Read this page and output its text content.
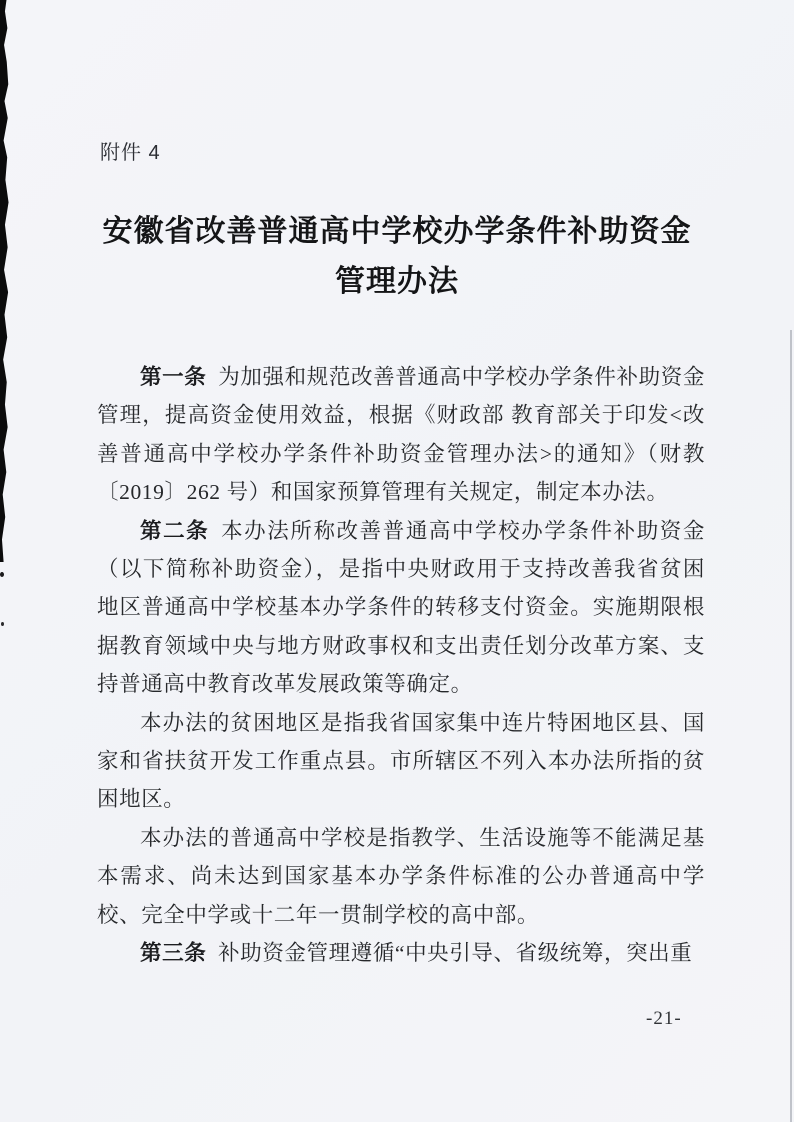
附件 4
安徽省改善普通高中学校办学条件补助资金
管理办法

第一条 为加强和规范改善普通高中学校办学条件补助资金管理，提高资金使用效益，根据《财政部 教育部关于印发<改善普通高中学校办学条件补助资金管理办法>的通知》（财教〔2019〕262 号）和国家预算管理有关规定，制定本办法。

第二条 本办法所称改善普通高中学校办学条件补助资金（以下简称补助资金），是指中央财政用于支持改善我省贫困地区普通高中学校基本办学条件的转移支付资金。实施期限根据教育领域中央与地方财政事权和支出责任划分改革方案、支持普通高中教育改革发展政策等确定。

本办法的贫困地区是指我省国家集中连片特困地区县、国家和省扶贫开发工作重点县。市所辖区不列入本办法所指的贫困地区。

本办法的普通高中学校是指教学、生活设施等不能满足基本需求、尚未达到国家基本办学条件标准的公办普通高中学校、完全中学或十二年一贯制学校的高中部。

第三条 补助资金管理遵循“中央引导、省级统筹，突出重

-21-
